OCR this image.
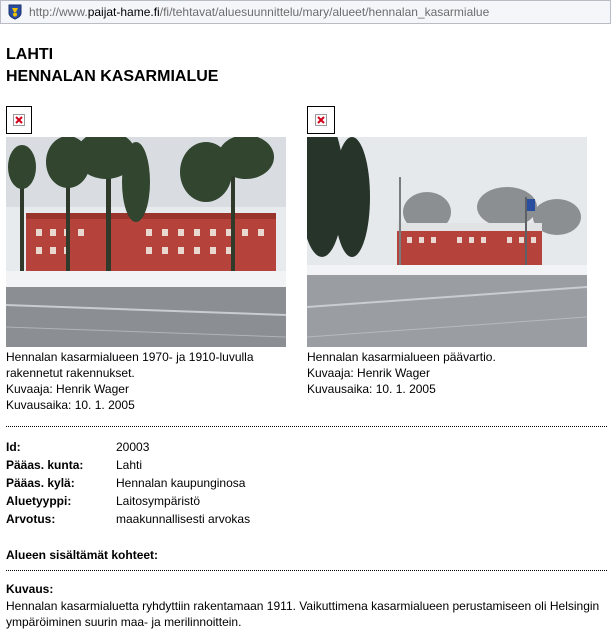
http://www.paijat-hame.fi/fi/tehtavat/aluesuunnittelu/mary/alueet/hennalan_kasarmialue
LAHTI
HENNALAN KASARMIALUE
Hennalan kasarmialueen 1970- ja 1910-luvulla rakennetut rakennukset.
Kuvaaja: Henrik Wager
Kuvausaika: 10. 1. 2005
Hennalan kasarmialueen päävartio.
Kuvaaja: Henrik Wager
Kuvausaika: 10. 1. 2005
Id:	20003
Pääas. kunta:	Lahti
Pääas. kylä:	Hennalan kaupunginosa
Aluetyyppi:	Laitosympäristö
Arvotus:	maakunnallisesti arvokas
Alueen sisältämät kohteet:
Kuvaus:
Hennalan kasarmialuetta ryhdyttiin rakentamaan 1911. Vaikuttimena kasarmialueen perustamiseen oli Helsingin ympäröiminen suurin maa- ja merilinnoittein.
